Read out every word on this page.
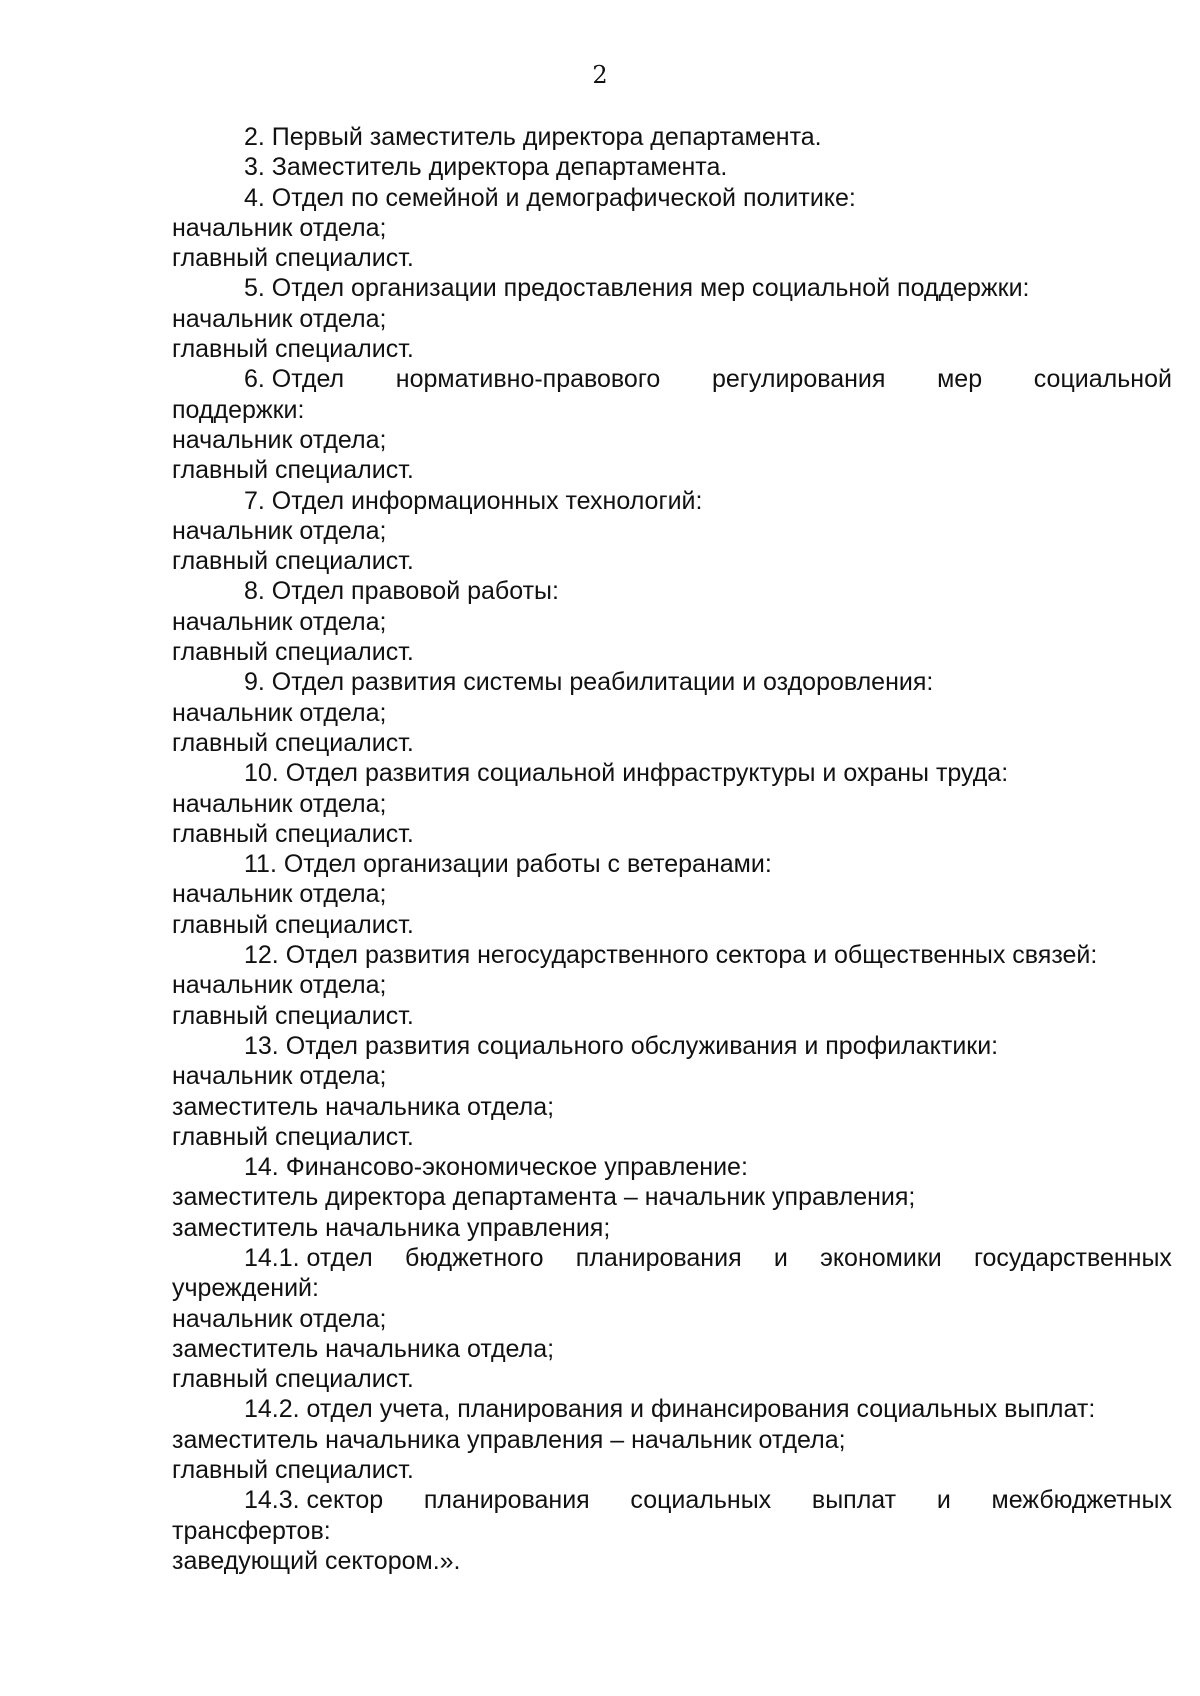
2
2. Первый заместитель директора департамента.
3. Заместитель директора департамента.
4. Отдел по семейной и демографической политике:
начальник отдела;
главный специалист.
5. Отдел организации предоставления мер социальной поддержки:
начальник отдела;
главный специалист.
6. Отдел нормативно-правового регулирования мер социальной
поддержки:
начальник отдела;
главный специалист.
7. Отдел информационных технологий:
начальник отдела;
главный специалист.
8. Отдел правовой работы:
начальник отдела;
главный специалист.
9. Отдел развития системы реабилитации и оздоровления:
начальник отдела;
главный специалист.
10. Отдел развития социальной инфраструктуры и охраны труда:
начальник отдела;
главный специалист.
11. Отдел организации работы с ветеранами:
начальник отдела;
главный специалист.
12. Отдел развития негосударственного сектора и общественных связей:
начальник отдела;
главный специалист.
13. Отдел развития социального обслуживания и профилактики:
начальник отдела;
заместитель начальника отдела;
главный специалист.
14. Финансово-экономическое управление:
заместитель директора департамента – начальник управления;
заместитель начальника управления;
14.1. отдел бюджетного планирования и экономики государственных
учреждений:
начальник отдела;
заместитель начальника отдела;
главный специалист.
14.2. отдел учета, планирования и финансирования социальных выплат:
заместитель начальника управления – начальник отдела;
главный специалист.
14.3. сектор планирования социальных выплат и межбюджетных
трансфертов:
заведующий сектором.».
